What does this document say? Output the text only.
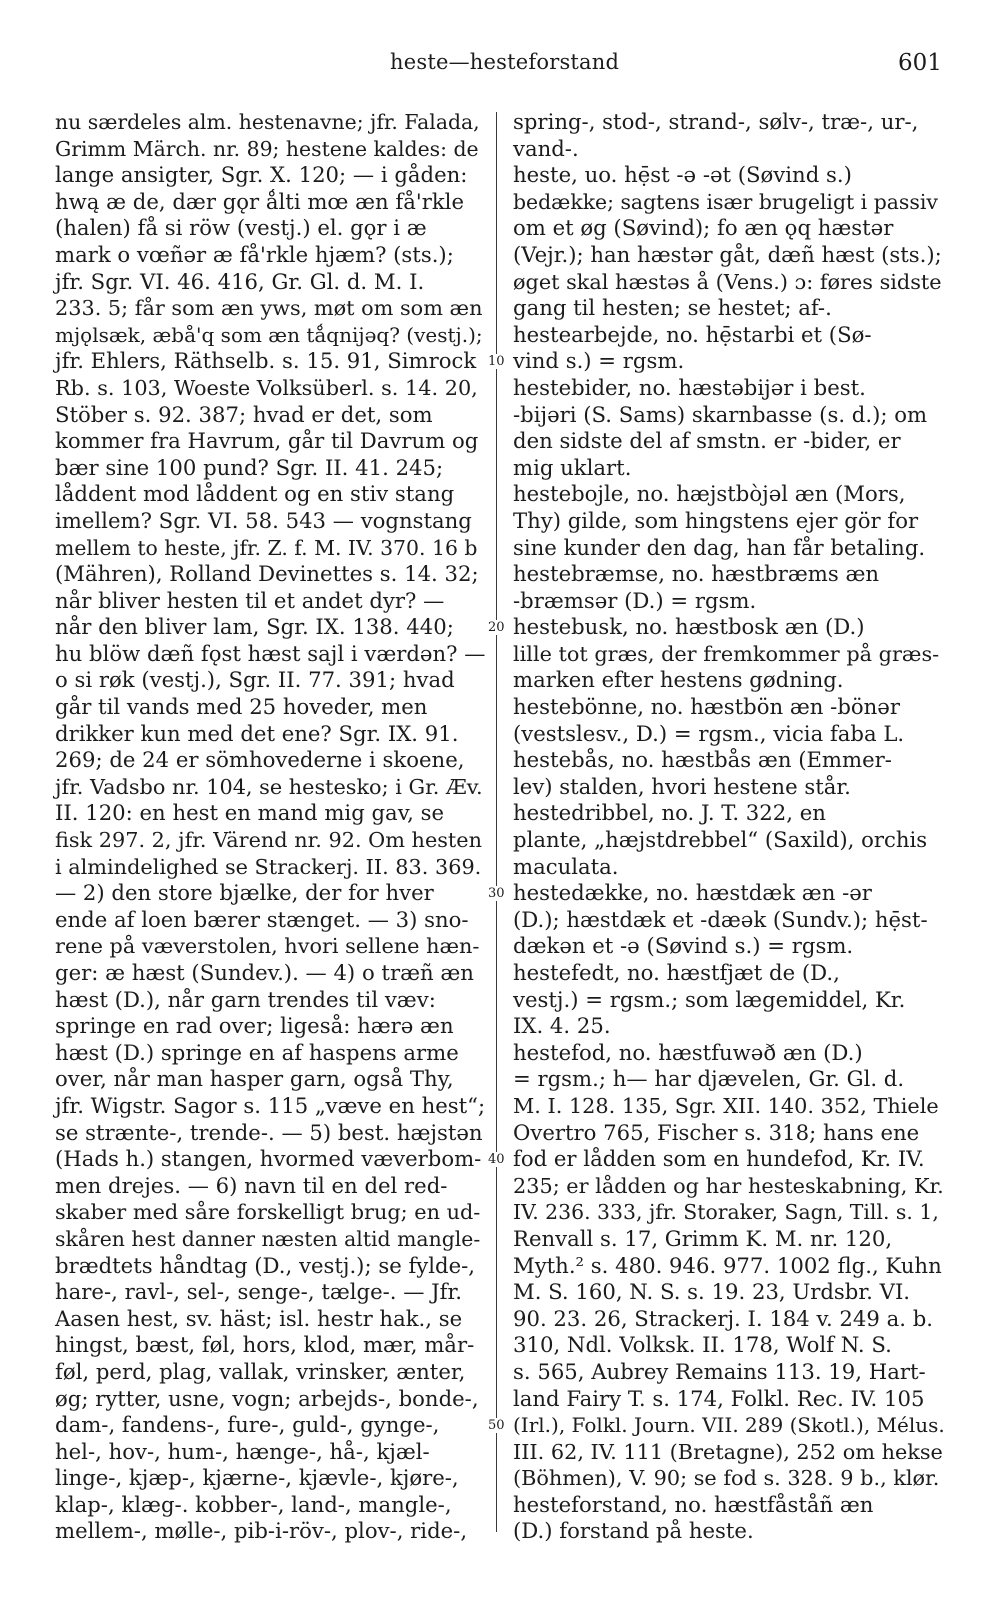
heste—hesteforstand	601
nu særdeles alm. hestenavne; jfr. Falada,
Grimm Märch. nr. 89; hestene kaldes: de
lange ansigter, Sgr. X. 120; — i gåden:
hwą æ de, dær gǫr ǻlti mœ æn få'rkle
(halen) få si röw (vestj.) el. gǫr i æ
mark o vœñər æ få'rkle hjæm? (sts.);
jfr. Sgr. VI. 46. 416, Gr. Gl. d. M. I.
233. 5; får som æn yws, møt om som æn
mjǫlsæk, æbå'q som æn tǻqnijəq? (vestj.);
jfr. Ehlers, Räthselb. s. 15. 91, Simrock
Rb. s. 103, Woeste Volksüberl. s. 14. 20,
Stöber s. 92. 387; hvad er det, som
kommer fra Havrum, går til Davrum og
bær sine 100 pund? Sgr. II. 41. 245;
låddent mod låddent og en stiv stang
imellem? Sgr. VI. 58. 543 — vognstang
mellem to heste, jfr. Z. f. M. IV. 370. 16 b
(Mähren), Rolland Devinettes s. 14. 32;
når bliver hesten til et andet dyr? —
når den bliver lam, Sgr. IX. 138. 440;
hu blöw dæñ fǫst hæst sajl i værdən? —
o si røk (vestj.), Sgr. II. 77. 391; hvad
går til vands med 25 hoveder, men
drikker kun med det ene? Sgr. IX. 91.
269; de 24 er sömhovederne i skoene,
jfr. Vadsbo nr. 104, se hestesko; i Gr. Æv.
II. 120: en hest en mand mig gav, se
fisk 297. 2, jfr. Värend nr. 92. Om hesten
i almindelighed se Strackerj. II. 83. 369.
— 2) den store bjælke, der for hver
ende af loen bærer stænget. — 3) sno-
rene på væverstolen, hvori sellene hæn-
ger: æ hæst (Sundev.). — 4) o træñ æn
hæst (D.), når garn trendes til væv:
springe en rad over; ligeså: hærə æn
hæst (D.) springe en af haspens arme
over, når man hasper garn, også Thy,
jfr. Wigstr. Sagor s. 115 „væve en hest“;
se strænte-, trende-. — 5) best. hæjstən
(Hads h.) stangen, hvormed væverbom-
men drejes. — 6) navn til en del red-
skaber med såre forskelligt brug; en ud-
skåren hest danner næsten altid mangle-
brædtets håndtag (D., vestj.); se fylde-,
hare-, ravl-, sel-, senge-, tælge-. — Jfr.
Aasen hest, sv. häst; isl. hestr hak., se
hingst, bæst, føl, hors, klod, mær, mår-
føl, perd, plag, vallak, vrinsker, ænter,
øg; rytter, usne, vogn; arbejds-, bonde-,
dam-, fandens-, fure-, guld-, gynge-,
hel-, hov-, hum-, hænge-, hå-, kjæl-
linge-, kjæp-, kjærne-, kjævle-, kjøre-,
klap-, klæg-. kobber-, land-, mangle-,
mellem-, mølle-, pib-i-röv-, plov-, ride-,
10
20
30
40
50
spring-, stod-, strand-, sølv-, træ-, ur-,
vand-.
heste, uo. hẹ̄st -ə -ət (Søvind s.)
bedække; sagtens især brugeligt i passiv
om et øg (Søvind); fo æn ǫq hæstər
(Vejr.); han hæstər gåt, dæñ hæst (sts.);
øget skal hæstəs å (Vens.) ɔ: føres sidste
gang til hesten; se hestet; af-.
hestearbejde, no. hẹ̄starbi et (Sø-
vind s.) = rgsm.
hestebider, no. hæstəbijər i best.
-bijəri (S. Sams) skarnbasse (s. d.); om
den sidste del af smstn. er -bider, er
mig uklart.
hestebojle, no. hæjstbòjəl æn (Mors,
Thy) gilde, som hingstens ejer gör for
sine kunder den dag, han får betaling.
hestebræmse, no. hæstbræms æn
-bræmsər (D.) = rgsm.
hestebusk, no. hæstbosk æn (D.)
lille tot græs, der fremkommer på græs-
marken efter hestens gødning.
hestebönne, no. hæstbön æn -bönər
(vestslesv., D.) = rgsm., vicia faba L.
hestebås, no. hæstbås æn (Emmer-
lev) stalden, hvori hestene står.
hestedribbel, no. J. T. 322, en
plante, „hæjstdrebbel“ (Saxild), orchis
maculata.
hestedække, no. hæstdæk æn -ər
(D.); hæstdæk et -dæək (Sundv.); hẹ̄st-
dækən et -ə (Søvind s.) = rgsm.
hestefedt, no. hæstfjæt de (D.,
vestj.) = rgsm.; som lægemiddel, Kr.
IX. 4. 25.
hestefod, no. hæstfuwəð æn (D.)
= rgsm.; h— har djævelen, Gr. Gl. d.
M. I. 128. 135, Sgr. XII. 140. 352, Thiele
Overtro 765, Fischer s. 318; hans ene
fod er lådden som en hundefod, Kr. IV.
235; er lådden og har hesteskabning, Kr.
IV. 236. 333, jfr. Storaker, Sagn, Till. s. 1,
Renvall s. 17, Grimm K. M. nr. 120,
Myth.² s. 480. 946. 977. 1002 flg., Kuhn
M. S. 160, N. S. s. 19. 23, Urdsbr. VI.
90. 23. 26, Strackerj. I. 184 v. 249 a. b.
310, Ndl. Volksk. II. 178, Wolf N. S.
s. 565, Aubrey Remains 113. 19, Hart-
land Fairy T. s. 174, Folkl. Rec. IV. 105
(Irl.), Folkl. Journ. VII. 289 (Skotl.), Mélus.
III. 62, IV. 111 (Bretagne), 252 om hekse
(Böhmen), V. 90; se fod s. 328. 9 b., klør.
hesteforstand, no. hæstfåståñ æn
(D.) forstand på heste.
